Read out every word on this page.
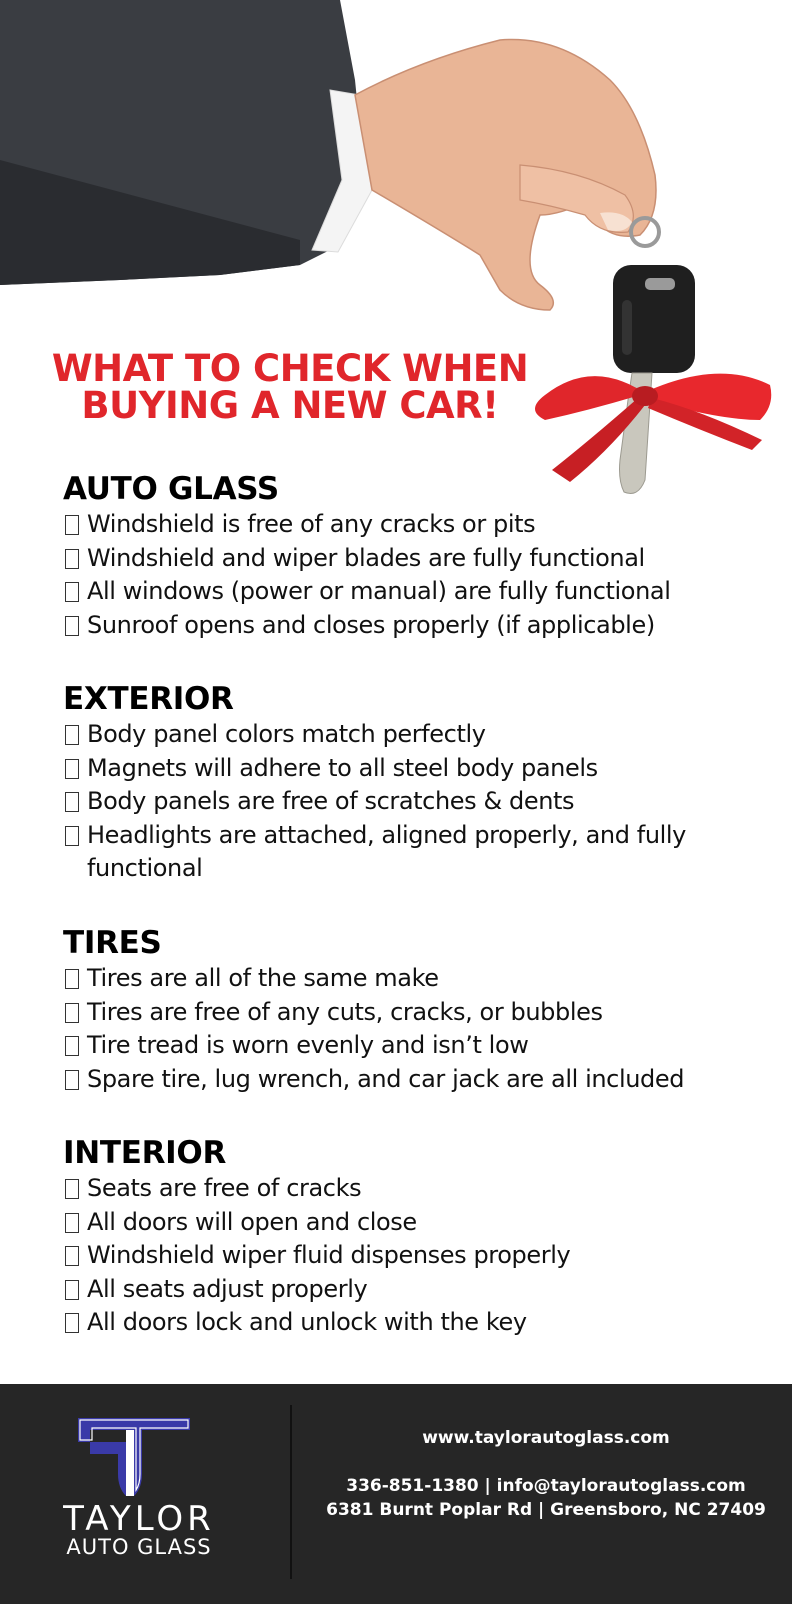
WHAT TO CHECK WHEN
BUYING A NEW CAR!
AUTO GLASS
Windshield is free of any cracks or pits
Windshield and wiper blades are fully functional
All windows (power or manual) are fully functional
Sunroof opens and closes properly (if applicable)
EXTERIOR
Body panel colors match perfectly
Magnets will adhere to all steel body panels
Body panels are free of scratches & dents
Headlights are attached, aligned properly, and fully functional
TIRES
Tires are all of the same make
Tires are free of any cuts, cracks, or bubbles
Tire tread is worn evenly and isn’t low
Spare tire, lug wrench, and car jack are all included
INTERIOR
Seats are free of cracks
All doors will open and close
Windshield wiper fluid dispenses properly
All seats adjust properly
All doors lock and unlock with the key
TAYLOR
AUTO GLASS
www.taylorautoglass.com
336-851-1380 | info@taylorautoglass.com
6381 Burnt Poplar Rd | Greensboro, NC 27409
